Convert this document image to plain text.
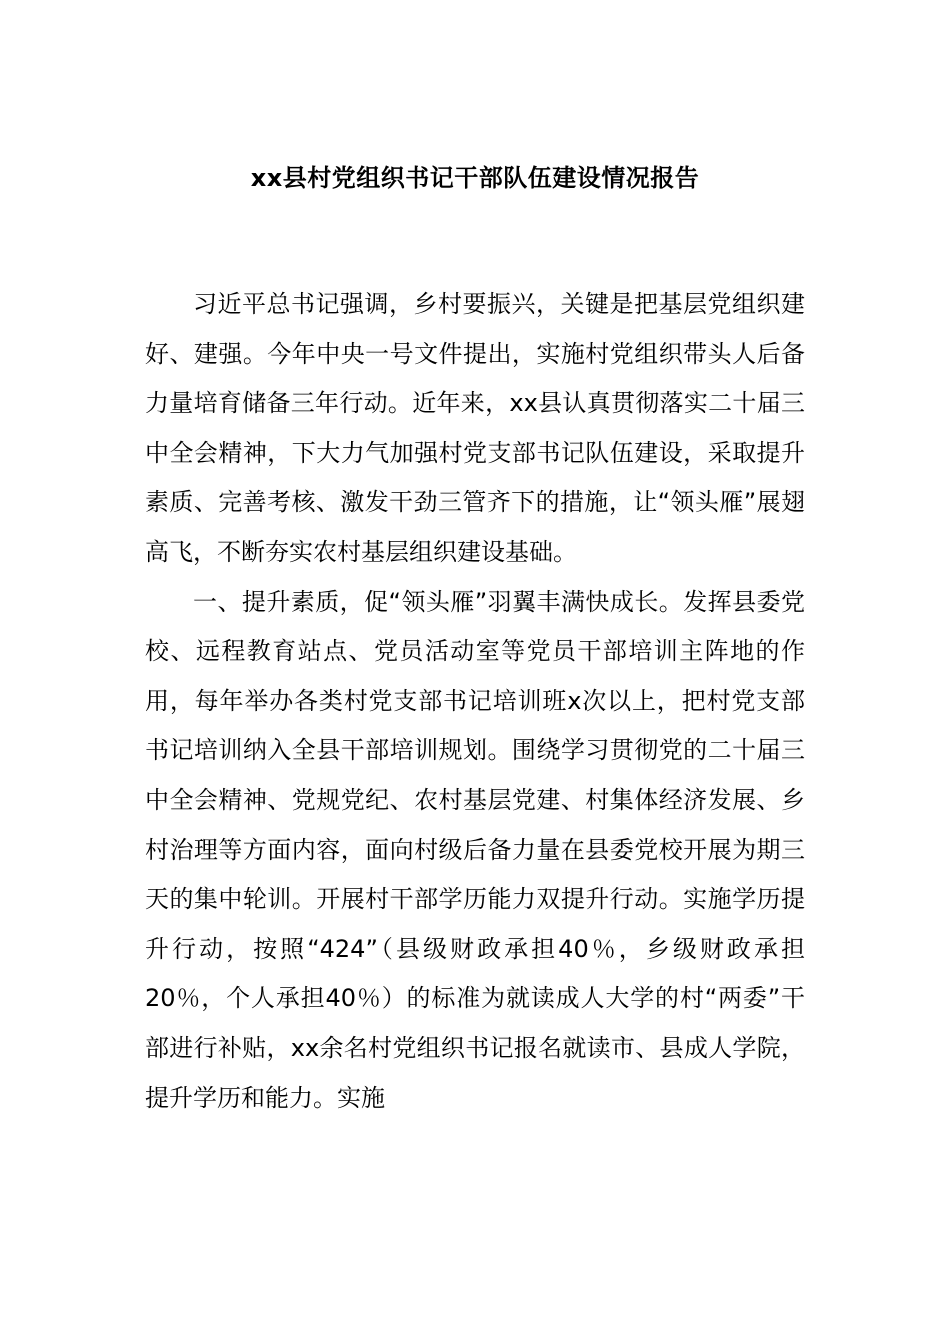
xx县村党组织书记干部队伍建设情况报告

习近平总书记强调，乡村要振兴，关键是把基层党组织建好、建强。今年中央一号文件提出，实施村党组织带头人后备力量培育储备三年行动。近年来，xx县认真贯彻落实二十届三中全会精神，下大力气加强村党支部书记队伍建设，采取提升素质、完善考核、激发干劲三管齐下的措施，让“领头雁”展翅高飞，不断夯实农村基层组织建设基础。

一、提升素质，促“领头雁”羽翼丰满快成长。发挥县委党校、远程教育站点、党员活动室等党员干部培训主阵地的作用，每年举办各类村党支部书记培训班x次以上，把村党支部书记培训纳入全县干部培训规划。围绕学习贯彻党的二十届三中全会精神、党规党纪、农村基层党建、村集体经济发展、乡村治理等方面内容，面向村级后备力量在县委党校开展为期三天的集中轮训。开展村干部学历能力双提升行动。实施学历提升行动，按照“424”（县级财政承担40％，乡级财政承担20％，个人承担40％）的标准为就读成人大学的村“两委”干部进行补贴，xx余名村党组织书记报名就读市、县成人学院，提升学历和能力。实施
